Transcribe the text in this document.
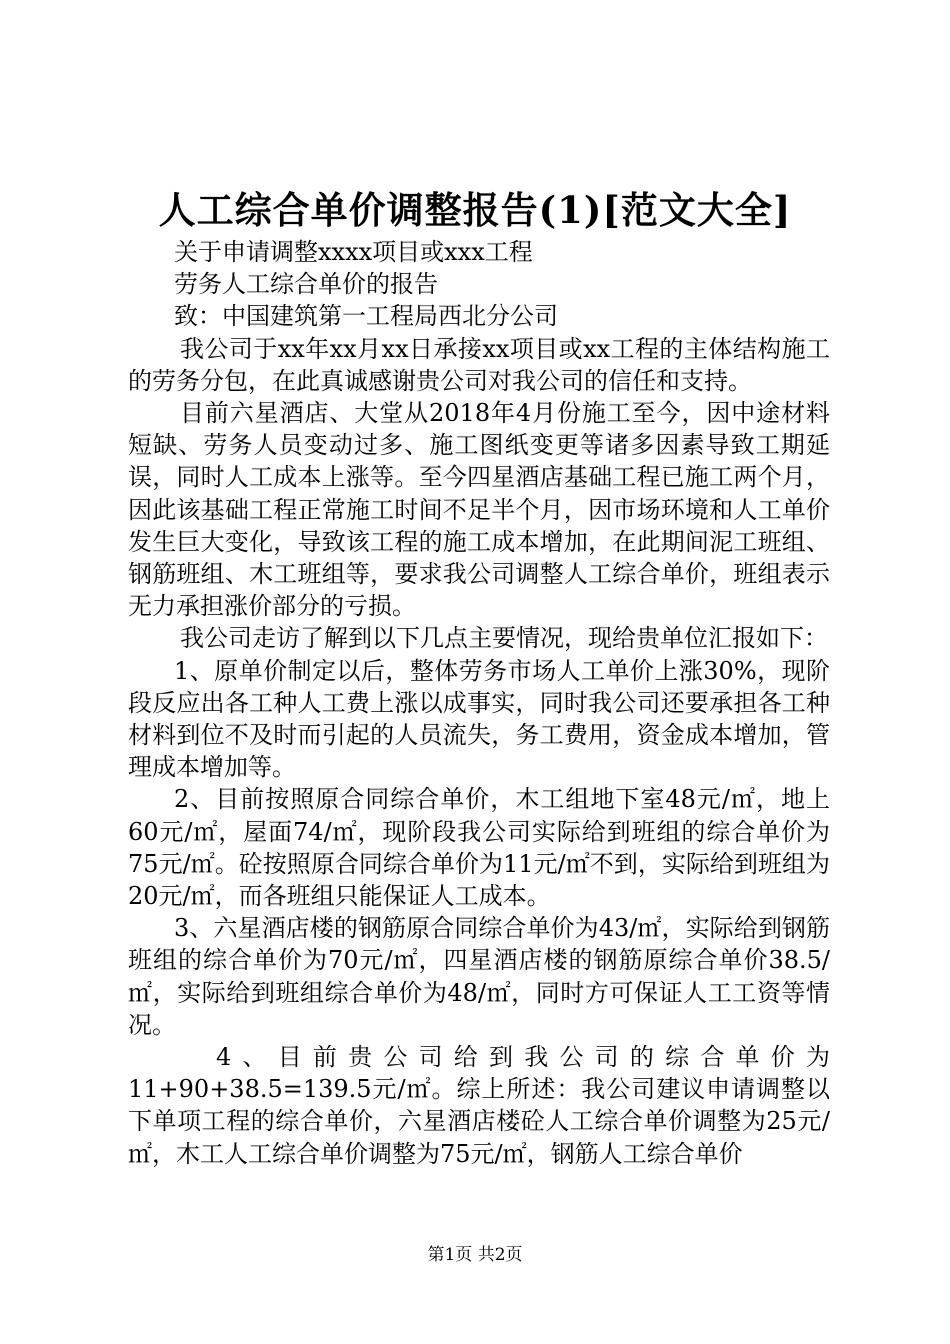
人工综合单价调整报告(1)[范文大全]

关于申请调整xxxx项目或xxx工程

劳务人工综合单价的报告

致：中国建筑第一工程局西北分公司

我公司于xx年xx月xx日承接xx项目或xx工程的主体结构施工的劳务分包，在此真诚感谢贵公司对我公司的信任和支持。

目前六星酒店、大堂从2018年4月份施工至今，因中途材料短缺、劳务人员变动过多、施工图纸变更等诸多因素导致工期延误，同时人工成本上涨等。至今四星酒店基础工程已施工两个月，因此该基础工程正常施工时间不足半个月，因市场环境和人工单价发生巨大变化，导致该工程的施工成本增加，在此期间泥工班组、钢筋班组、木工班组等，要求我公司调整人工综合单价，班组表示无力承担涨价部分的亏损。

我公司走访了解到以下几点主要情况，现给贵单位汇报如下：

1、原单价制定以后，整体劳务市场人工单价上涨30%，现阶段反应出各工种人工费上涨以成事实，同时我公司还要承担各工种材料到位不及时而引起的人员流失，务工费用，资金成本增加，管理成本增加等。

2、目前按照原合同综合单价，木工组地下室48元/㎡，地上60元/㎡，屋面74/㎡，现阶段我公司实际给到班组的综合单价为75元/㎡。砼按照原合同综合单价为11元/㎡不到，实际给到班组为20元/㎡，而各班组只能保证人工成本。

3、六星酒店楼的钢筋原合同综合单价为43/㎡，实际给到钢筋班组的综合单价为70元/㎡，四星酒店楼的钢筋原综合单价38.5/㎡，实际给到班组综合单价为48/㎡，同时方可保证人工工资等情况。

4、目前贵公司给到我公司的综合单价为

11+90+38.5=139.5元/㎡。综上所述：我公司建议申请调整以下单项工程的综合单价，六星酒店楼砼人工综合单价调整为25元/㎡，木工人工综合单价调整为75元/㎡，钢筋人工综合单价

第1页 共2页
